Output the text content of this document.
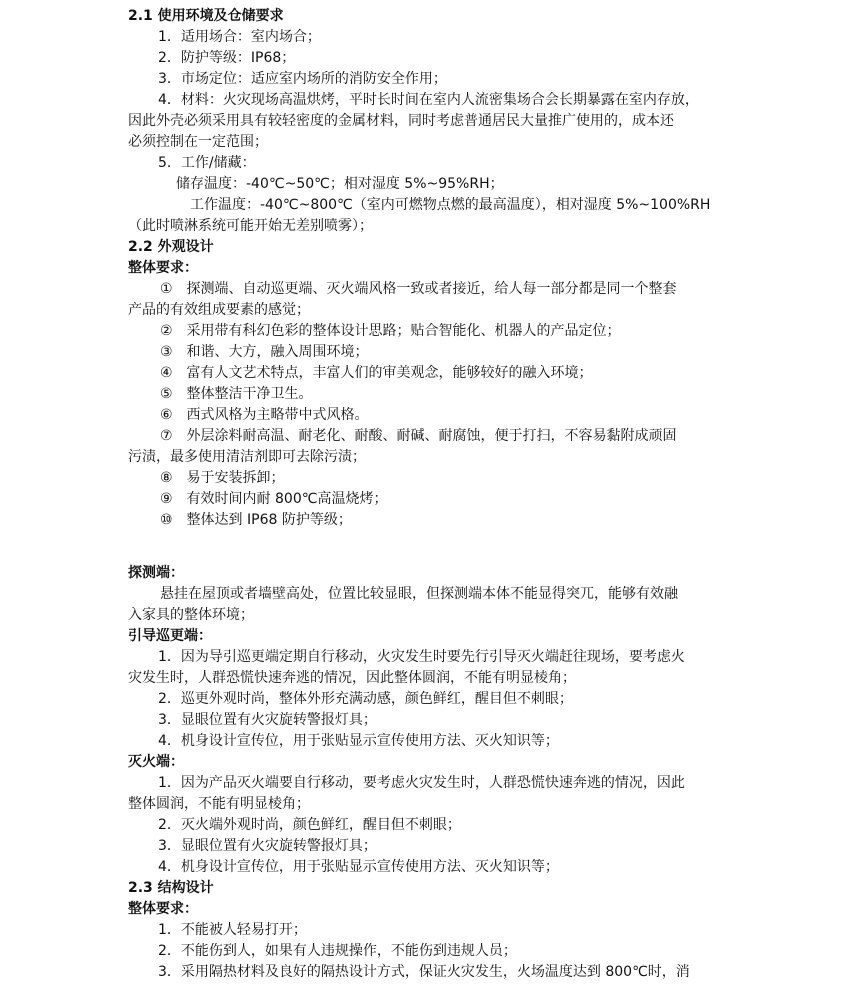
2.1 使用环境及仓储要求
1．适用场合：室内场合；
2．防护等级：IP68；
3．市场定位：适应室内场所的消防安全作用；
4．材料：火灾现场高温烘烤，平时长时间在室内人流密集场合会长期暴露在室内存放，
因此外壳必须采用具有较轻密度的金属材料，同时考虑普通居民大量推广使用的，成本还
必须控制在一定范围；
5．工作/储藏：
储存温度：-40℃~50℃；相对湿度 5%~95%RH；
工作温度：-40℃~800℃（室内可燃物点燃的最高温度），相对湿度 5%~100%RH
（此时喷淋系统可能开始无差别喷雾）；
2.2 外观设计
整体要求：
①　探测端、自动巡更端、灭火端风格一致或者接近，给人每一部分都是同一个整套
产品的有效组成要素的感觉；
②　采用带有科幻色彩的整体设计思路；贴合智能化、机器人的产品定位；
③　和谐、大方，融入周围环境；
④　富有人文艺术特点，丰富人们的审美观念，能够较好的融入环境；
⑤　整体整洁干净卫生。
⑥　西式风格为主略带中式风格。
⑦　外层涂料耐高温、耐老化、耐酸、耐碱、耐腐蚀，便于打扫，不容易黏附成顽固
污渍，最多使用清洁剂即可去除污渍；
⑧　易于安装拆卸；
⑨　有效时间内耐 800℃高温烧烤；
⑩　整体达到 IP68 防护等级；
探测端：
悬挂在屋顶或者墙壁高处，位置比较显眼，但探测端本体不能显得突兀，能够有效融
入家具的整体环境；
引导巡更端：
1．因为导引巡更端定期自行移动，火灾发生时要先行引导灭火端赶往现场，要考虑火
灾发生时，人群恐慌快速奔逃的情况，因此整体圆润，不能有明显棱角；
2．巡更外观时尚，整体外形充满动感，颜色鲜红，醒目但不刺眼；
3．显眼位置有火灾旋转警报灯具；
4．机身设计宣传位，用于张贴显示宣传使用方法、灭火知识等；
灭火端：
1．因为产品灭火端要自行移动，要考虑火灾发生时，人群恐慌快速奔逃的情况，因此
整体圆润，不能有明显棱角；
2．灭火端外观时尚，颜色鲜红，醒目但不刺眼；
3．显眼位置有火灾旋转警报灯具；
4．机身设计宣传位，用于张贴显示宣传使用方法、灭火知识等；
2.3 结构设计
整体要求：
1．不能被人轻易打开；
2．不能伤到人，如果有人违规操作，不能伤到违规人员；
3．采用隔热材料及良好的隔热设计方式，保证火灾发生，火场温度达到 800℃时，消
